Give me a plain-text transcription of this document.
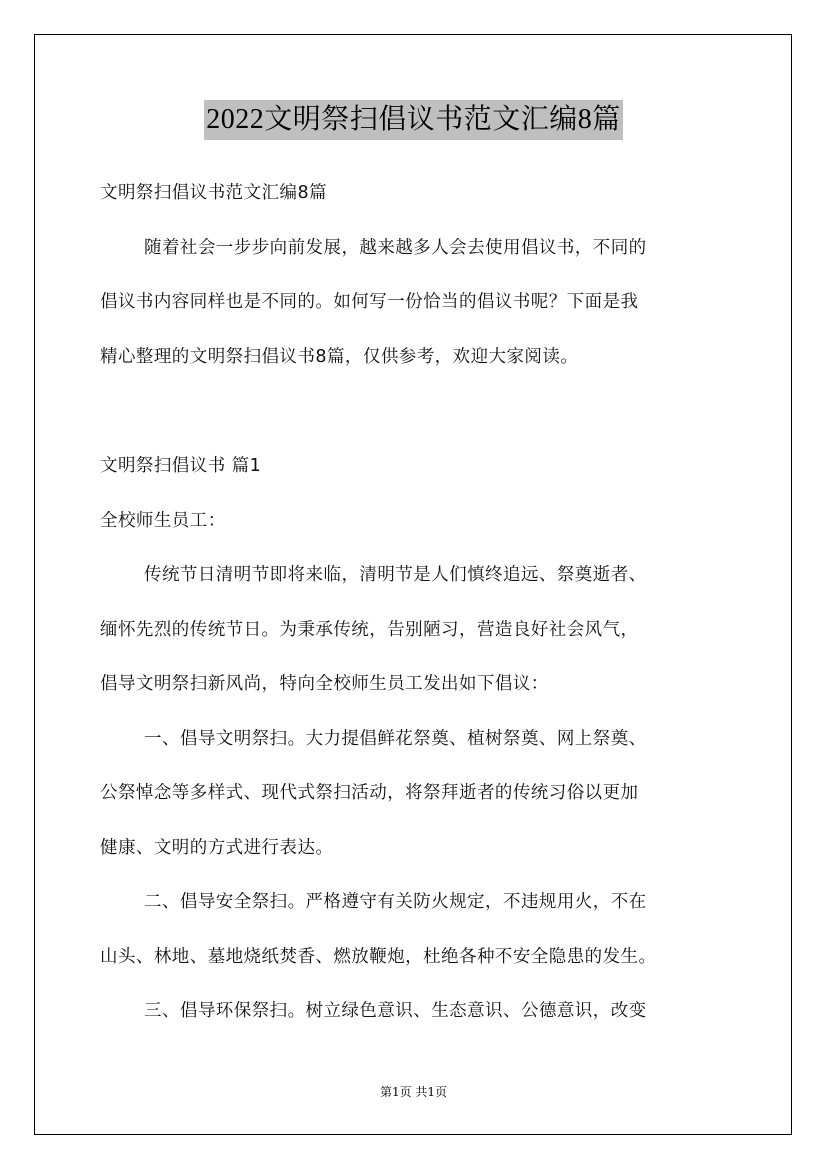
2022文明祭扫倡议书范文汇编8篇
文明祭扫倡议书范文汇编8篇
随着社会一步步向前发展，越来越多人会去使用倡议书，不同的
倡议书内容同样也是不同的。如何写一份恰当的倡议书呢？下面是我
精心整理的文明祭扫倡议书8篇，仅供参考，欢迎大家阅读。
文明祭扫倡议书 篇1
全校师生员工：
传统节日清明节即将来临，清明节是人们慎终追远、祭奠逝者、
缅怀先烈的传统节日。为秉承传统，告别陋习，营造良好社会风气，
倡导文明祭扫新风尚，特向全校师生员工发出如下倡议：
一、倡导文明祭扫。大力提倡鲜花祭奠、植树祭奠、网上祭奠、
公祭悼念等多样式、现代式祭扫活动，将祭拜逝者的传统习俗以更加
健康、文明的方式进行表达。
二、倡导安全祭扫。严格遵守有关防火规定，不违规用火，不在
山头、林地、墓地烧纸焚香、燃放鞭炮，杜绝各种不安全隐患的发生。
三、倡导环保祭扫。树立绿色意识、生态意识、公德意识，改变
第1页 共1页
